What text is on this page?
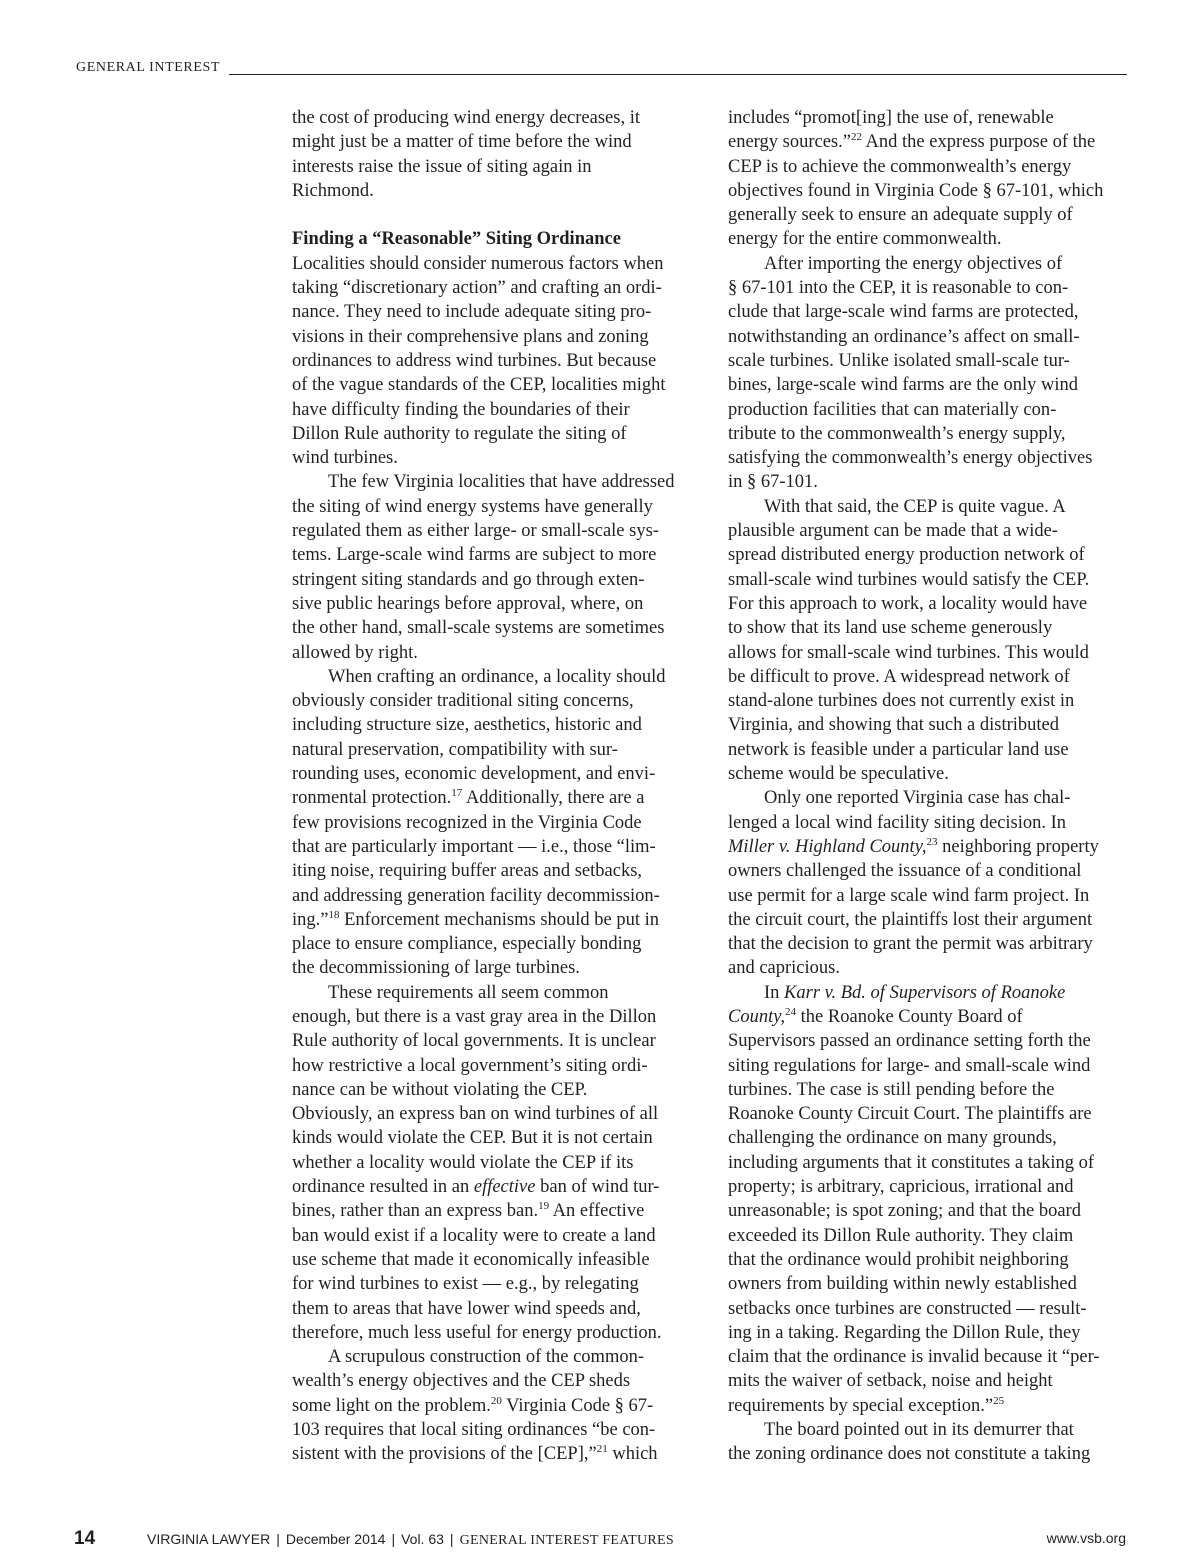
GENERAL INTEREST

the cost of producing wind energy decreases, it
might just be a matter of time before the wind
interests raise the issue of siting again in
Richmond.

Finding a “Reasonable” Siting Ordinance

Localities should consider numerous factors when
taking “discretionary action” and crafting an ordi-
nance. They need to include adequate siting pro-
visions in their comprehensive plans and zoning
ordinances to address wind turbines. But because
of the vague standards of the CEP, localities might
have difficulty finding the boundaries of their
Dillon Rule authority to regulate the siting of
wind turbines.

The few Virginia localities that have addressed
the siting of wind energy systems have generally
regulated them as either large- or small-scale sys-
tems. Large-scale wind farms are subject to more
stringent siting standards and go through exten-
sive public hearings before approval, where, on
the other hand, small-scale systems are sometimes
allowed by right.

When crafting an ordinance, a locality should
obviously consider traditional siting concerns,
including structure size, aesthetics, historic and
natural preservation, compatibility with sur-
rounding uses, economic development, and envi-
ronmental protection.$^{17}$ Additionally, there are a
few provisions recognized in the Virginia Code
that are particularly important — i.e., those “lim-
iting noise, requiring buffer areas and setbacks,
and addressing generation facility decommission-
ing.”$^{18}$ Enforcement mechanisms should be put in
place to ensure compliance, especially bonding
the decommissioning of large turbines.

These requirements all seem common
enough, but there is a vast gray area in the Dillon
Rule authority of local governments. It is unclear
how restrictive a local government’s siting ordi-
nance can be without violating the CEP.
Obviously, an express ban on wind turbines of all
kinds would violate the CEP. But it is not certain
whether a locality would violate the CEP if its
ordinance resulted in an effective ban of wind tur-
bines, rather than an express ban.$^{19}$ An effective
ban would exist if a locality were to create a land
use scheme that made it economically infeasible
for wind turbines to exist — e.g., by relegating
them to areas that have lower wind speeds and,
therefore, much less useful for energy production.

A scrupulous construction of the common-
wealth’s energy objectives and the CEP sheds
some light on the problem.$^{20}$ Virginia Code § 67-
103 requires that local siting ordinances “be con-
sistent with the provisions of the [CEP],”$^{21}$ which

includes “promot[ing] the use of, renewable
energy sources.”$^{22}$ And the express purpose of the
CEP is to achieve the commonwealth’s energy
objectives found in Virginia Code § 67-101, which
generally seek to ensure an adequate supply of
energy for the entire commonwealth.

After importing the energy objectives of
§ 67-101 into the CEP, it is reasonable to con-
clude that large-scale wind farms are protected,
notwithstanding an ordinance’s affect on small-
scale turbines. Unlike isolated small-scale tur-
bines, large-scale wind farms are the only wind
production facilities that can materially con-
tribute to the commonwealth’s energy supply,
satisfying the commonwealth’s energy objectives
in § 67-101.

With that said, the CEP is quite vague. A
plausible argument can be made that a wide-
spread distributed energy production network of
small-scale wind turbines would satisfy the CEP.
For this approach to work, a locality would have
to show that its land use scheme generously
allows for small-scale wind turbines. This would
be difficult to prove. A widespread network of
stand-alone turbines does not currently exist in
Virginia, and showing that such a distributed
network is feasible under a particular land use
scheme would be speculative.

Only one reported Virginia case has chal-
lenged a local wind facility siting decision. In
Miller v. Highland County,$^{23}$ neighboring property
owners challenged the issuance of a conditional
use permit for a large scale wind farm project. In
the circuit court, the plaintiffs lost their argument
that the decision to grant the permit was arbitrary
and capricious.

In Karr v. Bd. of Supervisors of Roanoke
County,$^{24}$ the Roanoke County Board of
Supervisors passed an ordinance setting forth the
siting regulations for large- and small-scale wind
turbines. The case is still pending before the
Roanoke County Circuit Court. The plaintiffs are
challenging the ordinance on many grounds,
including arguments that it constitutes a taking of
property; is arbitrary, capricious, irrational and
unreasonable; is spot zoning; and that the board
exceeded its Dillon Rule authority. They claim
that the ordinance would prohibit neighboring
owners from building within newly established
setbacks once turbines are constructed — result-
ing in a taking. Regarding the Dillon Rule, they
claim that the ordinance is invalid because it “per-
mits the waiver of setback, noise and height
requirements by special exception.”$^{25}$

The board pointed out in its demurrer that
the zoning ordinance does not constitute a taking

14	VIRGINIA LAWYER | December 2014 | Vol. 63 | GENERAL INTEREST FEATURES	www.vsb.org
